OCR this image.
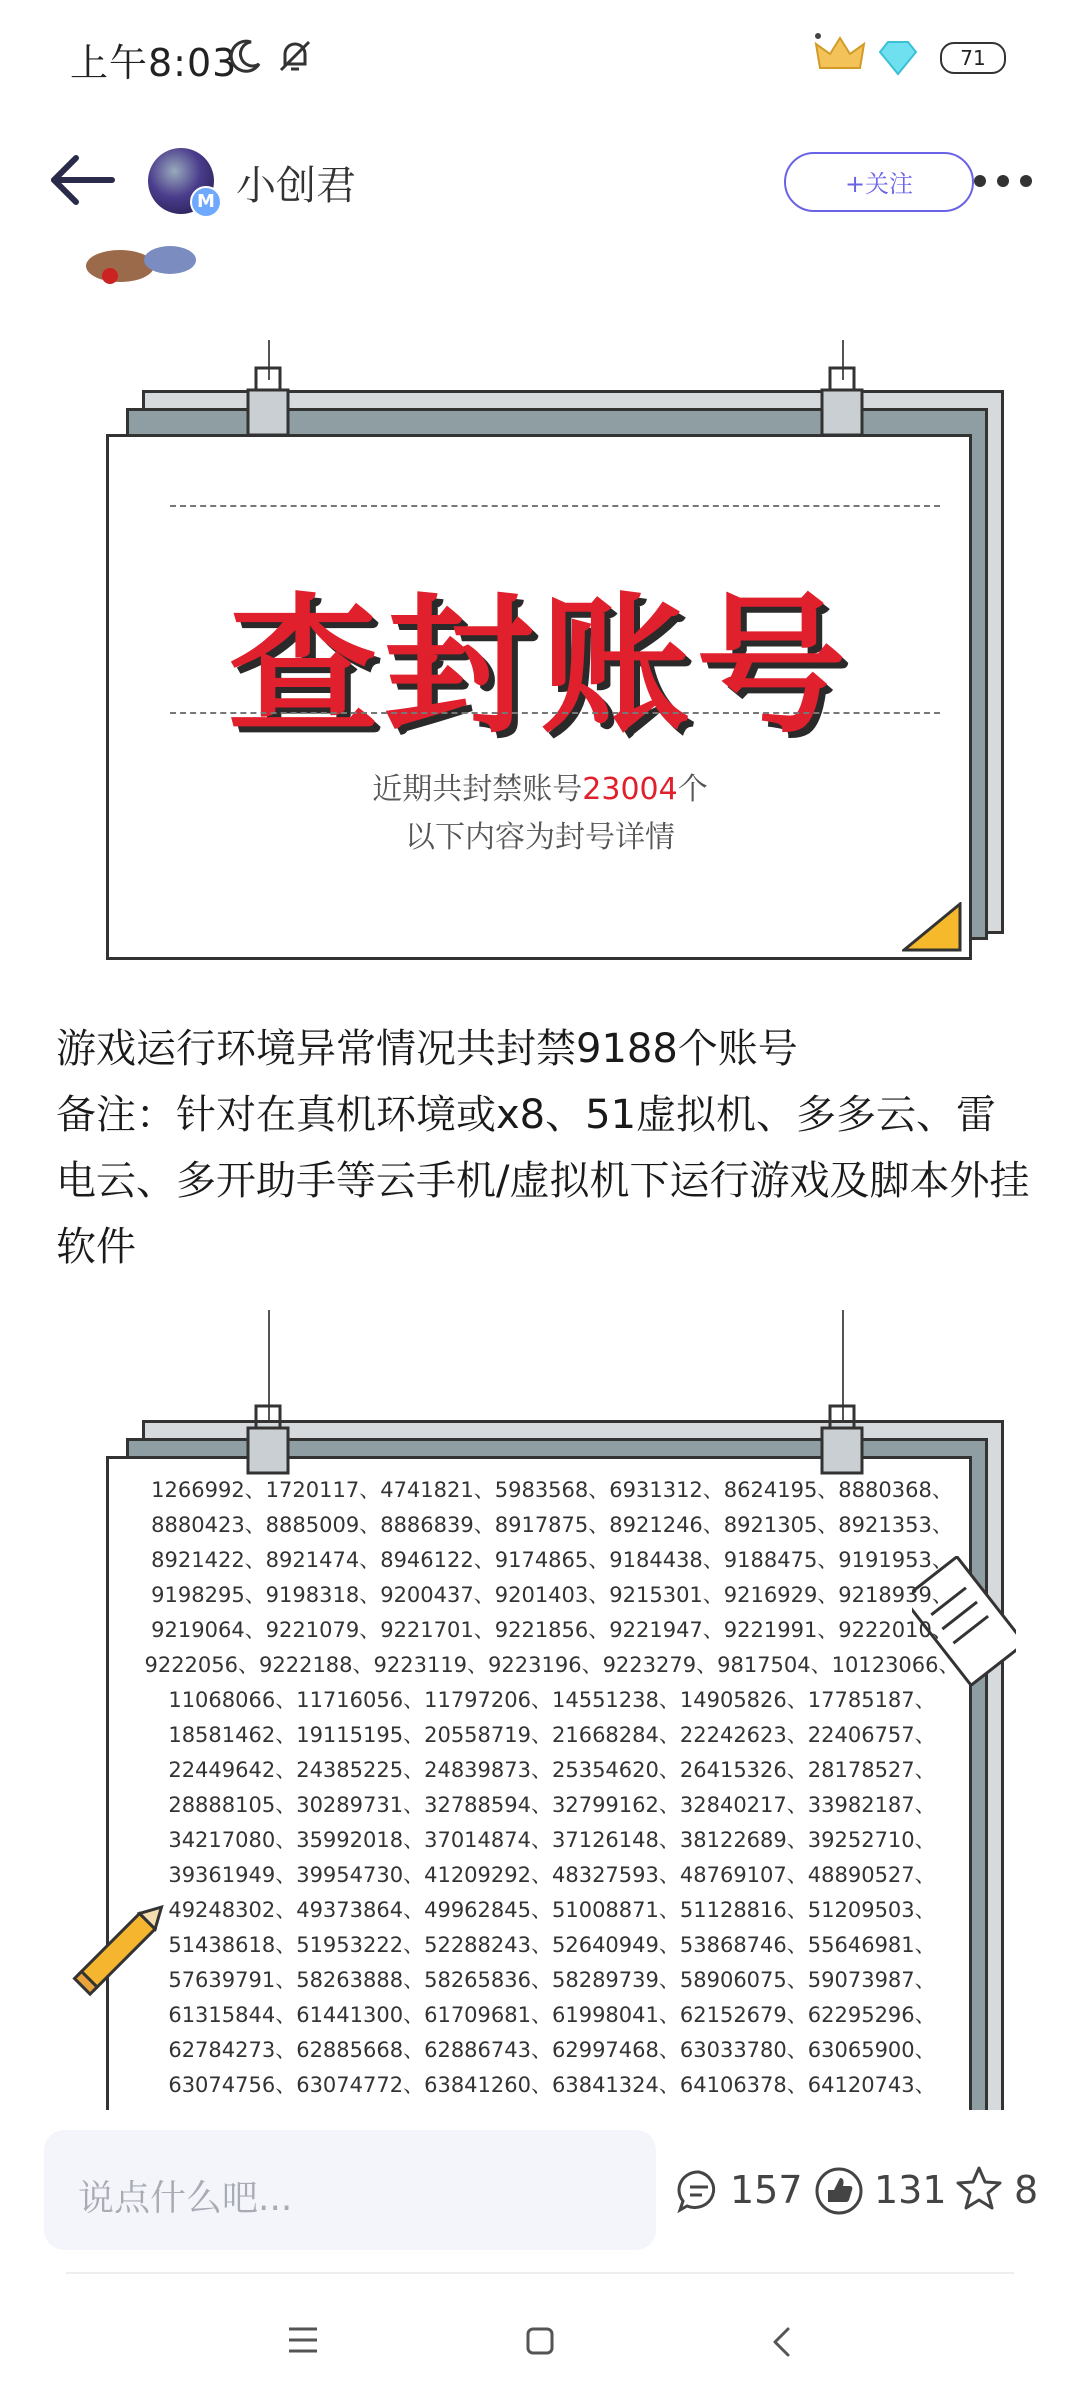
上午8:03	71
M 小创君	+关注
查封账号
近期共封禁账号23004个
以下内容为封号详情
游戏运行环境异常情况共封禁9188个账号
备注：针对在真机环境或x8、51虚拟机、多多云、雷电云、多开助手等云手机/虚拟机下运行游戏及脚本外挂软件
1266992、1720117、4741821、5983568、6931312、8624195、8880368、
8880423、8885009、8886839、8917875、8921246、8921305、8921353、
8921422、8921474、8946122、9174865、9184438、9188475、9191953、
9198295、9198318、9200437、9201403、9215301、9216929、9218939、
9219064、9221079、9221701、9221856、9221947、9221991、9222010、
9222056、9222188、9223119、9223196、9223279、9817504、10123066、
11068066、11716056、11797206、14551238、14905826、17785187、
18581462、19115195、20558719、21668284、22242623、22406757、
22449642、24385225、24839873、25354620、26415326、28178527、
28888105、30289731、32788594、32799162、32840217、33982187、
34217080、35992018、37014874、37126148、38122689、39252710、
39361949、39954730、41209292、48327593、48769107、48890527、
49248302、49373864、49962845、51008871、51128816、51209503、
51438618、51953222、52288243、52640949、53868746、55646981、
57639791、58263888、58265836、58289739、58906075、59073987、
61315844、61441300、61709681、61998041、62152679、62295296、
62784273、62885668、62886743、62997468、63033780、63065900、
63074756、63074772、63841260、63841324、64106378、64120743、
说点什么吧...	157 131 8
